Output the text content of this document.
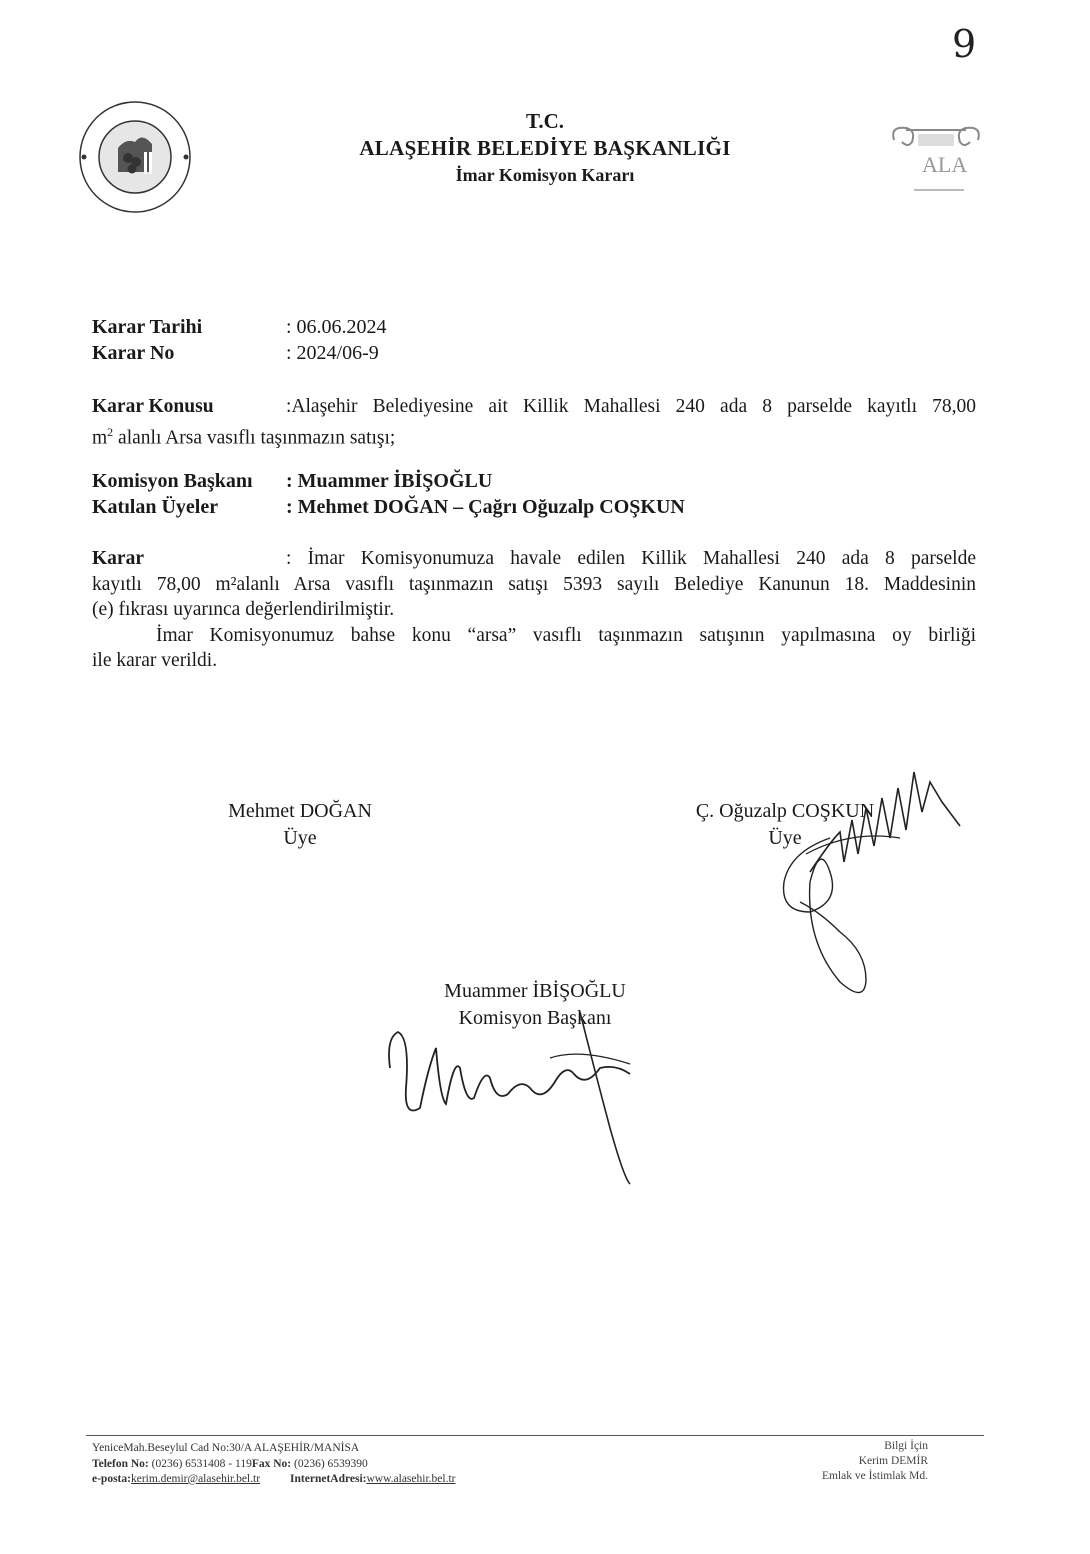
9
ALA
T.C.
ALAŞEHİR BELEDİYE BAŞKANLIĞI
İmar Komisyon Kararı
Karar Tarihi	: 06.06.2024
Karar No	: 2024/06-9
Karar Konusu	:Alaşehir Belediyesine ait Killik Mahallesi 240 ada 8 parselde kayıtlı 78,00
$m^2$ alanlı Arsa vasıflı taşınmazın satışı;
Komisyon Başkanı : Muammer İBİŞOĞLU
Katılan Üyeler	: Mehmet DOĞAN – Çağrı Oğuzalp COŞKUN
Karar	: İmar Komisyonumuza havale edilen Killik Mahallesi 240 ada 8 parselde
kayıtlı 78,00 m²alanlı Arsa vasıflı taşınmazın satışı 5393 sayılı Belediye Kanunun 18. Maddesinin
(e) fıkrası uyarınca değerlendirilmiştir.
İmar Komisyonumuz bahse konu “arsa” vasıflı taşınmazın satışının yapılmasına oy birliği
ile karar verildi.
Mehmet DOĞAN
Üye
Ç. Oğuzalp COŞKUN
Üye
Muammer İBİŞOĞLU
Komisyon Başkanı
YeniceMah.Beseylul Cad No:30/A ALAŞEHİR/MANİSA
Telefon No: (0236) 6531408 - 119Fax No: (0236) 6539390
e-posta:kerim.demir@alasehir.bel.tr	InternetAdresi:www.alasehir.bel.tr
Bilgi İçin
Kerim DEMİR
Emlak ve İstimlak Md.
